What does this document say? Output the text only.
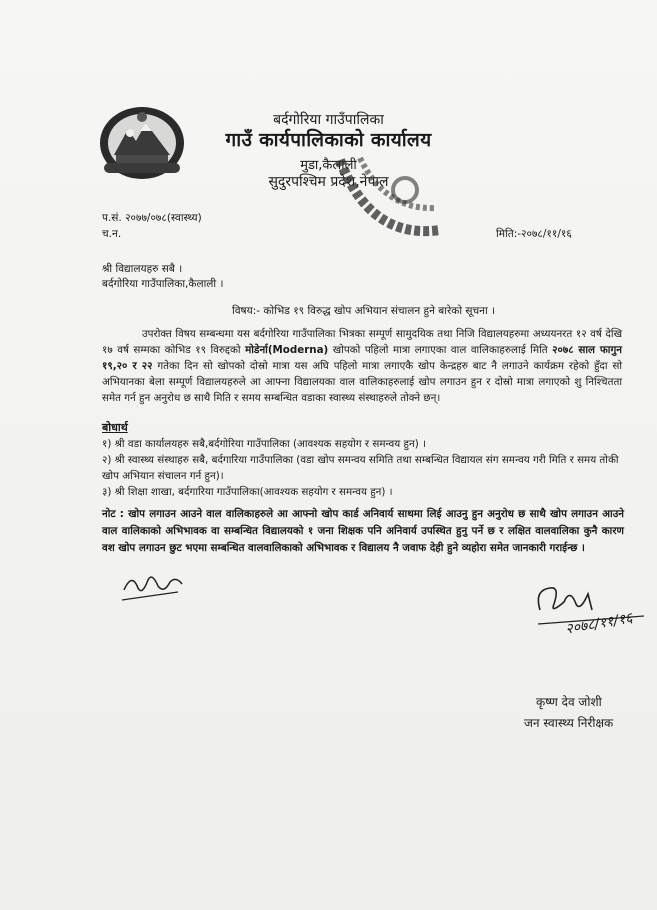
बर्दगोरिया गाउँपालिका
गाउँ कार्यपालिकाको कार्यालय
मुडा,कैलाली
सुदुरपश्चिम प्रदेश,नेपाल
प.सं. २०७७/०७८(स्वास्थ्य)
च.न.	मिति:-२०७८/११/१६
श्री विद्यालयहरु सबै ।
बर्दगोरिया गाउँपालिका,कैलाली ।
विषय:- कोभिड १९ विरुद्ध खोप अभियान संचालन हुने बारेको सूचना ।
उपरोक्त विषय सम्बन्धमा यस बर्दगोरिया गाउँपालिका भित्रका सम्पूर्ण सामुदयिक तथा निजि विद्यालयहरुमा अध्ययनरत १२ वर्ष देखि १७ वर्ष सम्मका कोभिड १९ विरुद्दको मोडेर्ना(Moderna) खोपको पहिलो मात्रा लगाएका वाल वालिकाहरुलाई मिति २०७८ साल फागुन १९,२० र २२ गतेका दिन सो खोपको दोस्रो मात्रा यस अघि पहिलो मात्रा लगाएकै खोप केन्द्रहरु बाट नै लगाउने कार्यक्रम रहेको हुँदा सो अभियानका बेला सम्पूर्ण विद्यालयहरुले आ आफ्ना विद्यालयका वाल वालिकाहरुलाई खोप लगाउन हुन र दोस्रो मात्रा लगाएको शु निश्चितता समेत गर्न हुन अनुरोध छ साथै मिति र समय सम्बन्धित वडाका स्वास्थ्य संस्थाहरुले तोक्ने छन्।
बोधार्थ
१) श्री वडा कार्यालयहरु सबै,बर्दगोरिया गाउँपालिका (आवश्यक सहयोग र समन्वय हुन) ।
२) श्री स्वास्थ्य संस्थाहरु सबै, बर्दगारिया गाउँपालिका (वडा खोप समन्वय समिति तथा सम्बन्धित विद्यायल संग समन्वय गरी मिति र समय तोकी खोप अभियान संचालन गर्न हुन)।
३) श्री शिक्षा शाखा, बर्दगारिया गाउँपालिका(आवश्यक सहयोग र समन्वय हुन) ।
नोट : खोप लगाउन आउने वाल वालिकाहरुले आ आफ्नो खोप कार्ड अनिवार्य साथमा लिई आउनु हुन अनुरोध छ साथै खोप लगाउन आउने वाल वालिकाको अभिभावक वा सम्बन्धित विद्यालयको १ जना शिक्षक पनि अनिवार्य उपस्थित हुनु पर्ने छ र लक्षित वालवालिका कुनै कारण वश खोप लगाउन छुट भएमा सम्बन्धित वालवालिकाको अभिभावक र विद्यालय नै जवाफ देही हुने व्यहोरा समेत जानकारी गराईन्छ ।
२०७८/११/१६
कृष्ण देव जोशी
जन स्वास्थ्य निरीक्षक
